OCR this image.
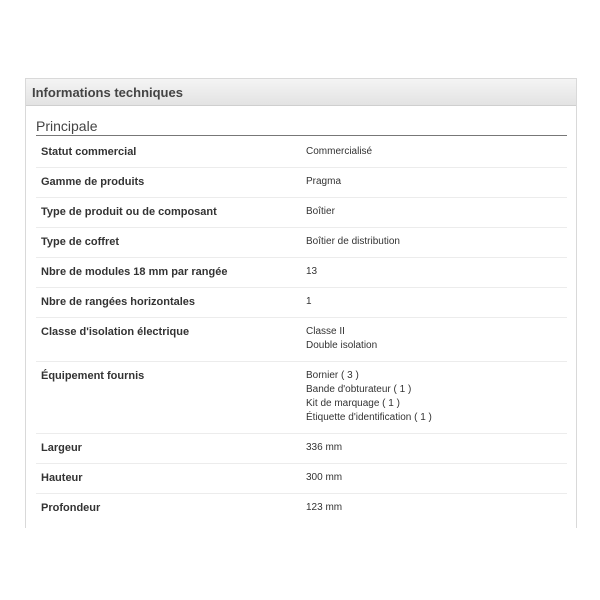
Informations techniques
Principale
Statut commercial	Commercialisé
Gamme de produits	Pragma
Type de produit ou de composant	Boîtier
Type de coffret	Boîtier de distribution
Nbre de modules 18 mm par rangée	13
Nbre de rangées horizontales	1
Classe d'isolation électrique	Classe II
Double isolation
Équipement fournis	Bornier ( 3 )
Bande d'obturateur ( 1 )
Kit de marquage ( 1 )
Étiquette d'identification ( 1 )
Largeur	336 mm
Hauteur	300 mm
Profondeur	123 mm
